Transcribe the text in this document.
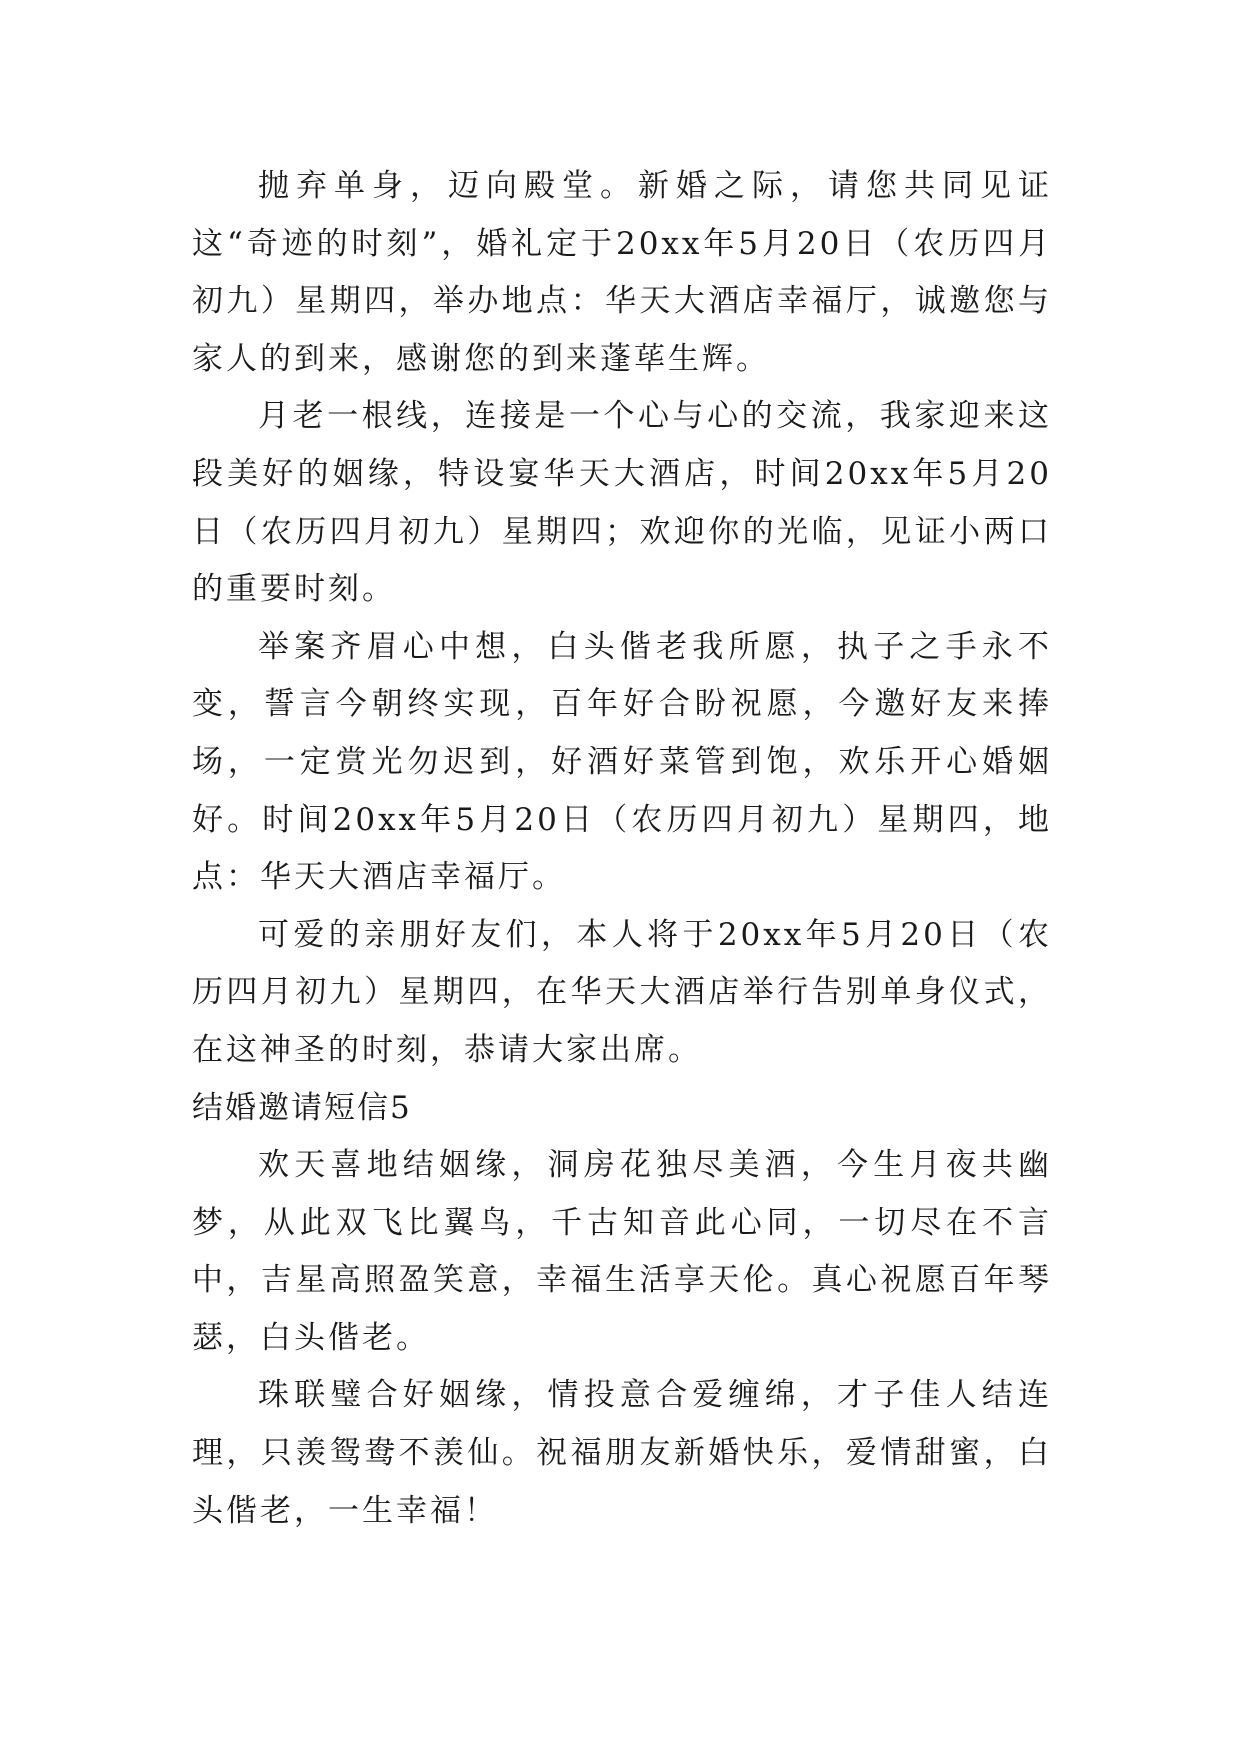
抛弃单身，迈向殿堂。新婚之际，请您共同见证这“奇迹的时刻”，婚礼定于20xx年5月20日（农历四月初九）星期四，举办地点：华天大酒店幸福厅，诚邀您与家人的到来，感谢您的到来蓬荜生辉。

月老一根线，连接是一个心与心的交流，我家迎来这段美好的姻缘，特设宴华天大酒店，时间20xx年5月20日（农历四月初九）星期四；欢迎你的光临，见证小两口的重要时刻。

举案齐眉心中想，白头偕老我所愿，执子之手永不变，誓言今朝终实现，百年好合盼祝愿，今邀好友来捧场，一定赏光勿迟到，好酒好菜管到饱，欢乐开心婚姻好。时间20xx年5月20日（农历四月初九）星期四，地点：华天大酒店幸福厅。

可爱的亲朋好友们，本人将于20xx年5月20日（农历四月初九）星期四，在华天大酒店举行告别单身仪式，在这神圣的时刻，恭请大家出席。

结婚邀请短信5

欢天喜地结姻缘，洞房花独尽美酒，今生月夜共幽梦，从此双飞比翼鸟，千古知音此心同，一切尽在不言中，吉星高照盈笑意，幸福生活享天伦。真心祝愿百年琴瑟，白头偕老。

珠联璧合好姻缘，情投意合爱缠绵，才子佳人结连理，只羡鸳鸯不羡仙。祝福朋友新婚快乐，爱情甜蜜，白头偕老，一生幸福！
